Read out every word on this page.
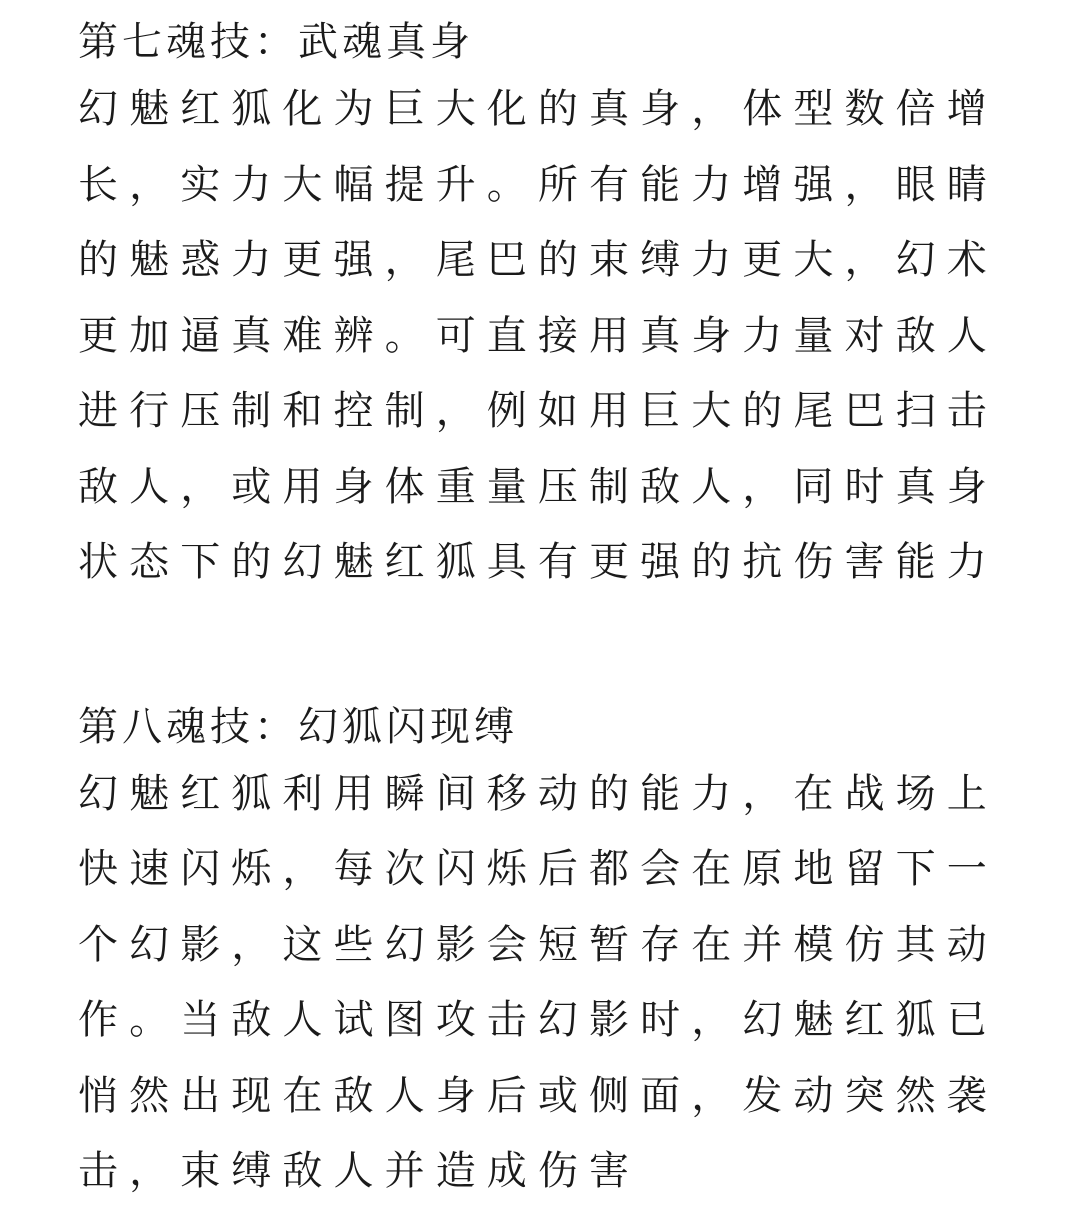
第七魂技：武魂真身

幻魅红狐化为巨大化的真身，体型数倍增

长，实力大幅提升。所有能力增强，眼睛

的魅惑力更强，尾巴的束缚力更大，幻术

更加逼真难辨。可直接用真身力量对敌人

进行压制和控制，例如用巨大的尾巴扫击

敌人，或用身体重量压制敌人，同时真身

状态下的幻魅红狐具有更强的抗伤害能力

第八魂技：幻狐闪现缚

幻魅红狐利用瞬间移动的能力，在战场上

快速闪烁，每次闪烁后都会在原地留下一

个幻影，这些幻影会短暂存在并模仿其动

作。当敌人试图攻击幻影时，幻魅红狐已

悄然出现在敌人身后或侧面，发动突然袭

击，束缚敌人并造成伤害
